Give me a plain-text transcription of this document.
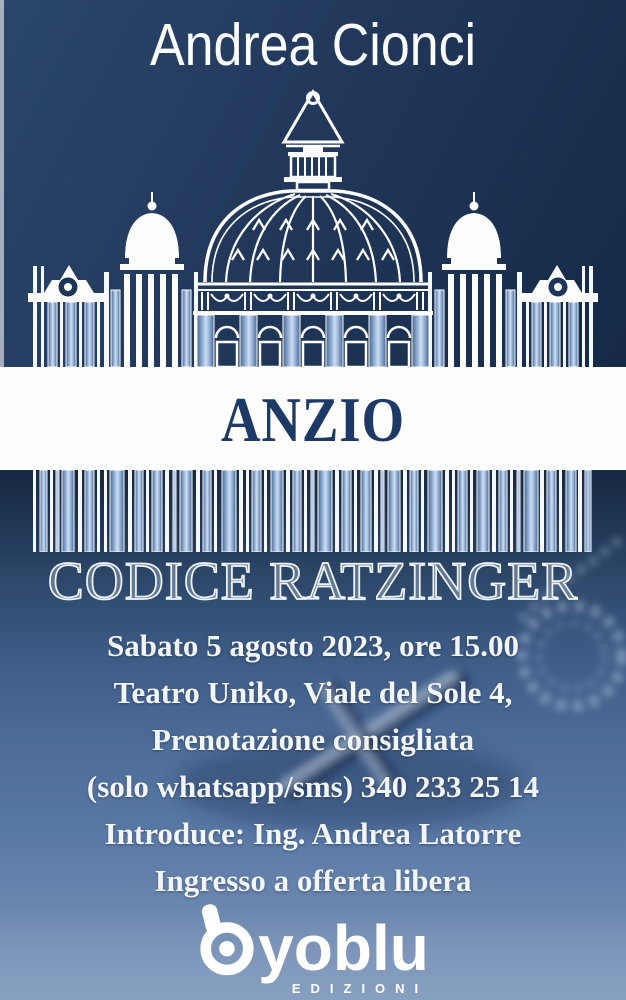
Andrea Cionci
ANZIO
CODICE RATZINGER

Sabato 5 agosto 2023, ore 15.00

Teatro Uniko, Viale del Sole 4,

Prenotazione consigliata

(solo whatsapp/sms) 340 233 25 14

Introduce: Ing. Andrea Latorre

Ingresso a offerta libera

yoblu
EDIZIONI
